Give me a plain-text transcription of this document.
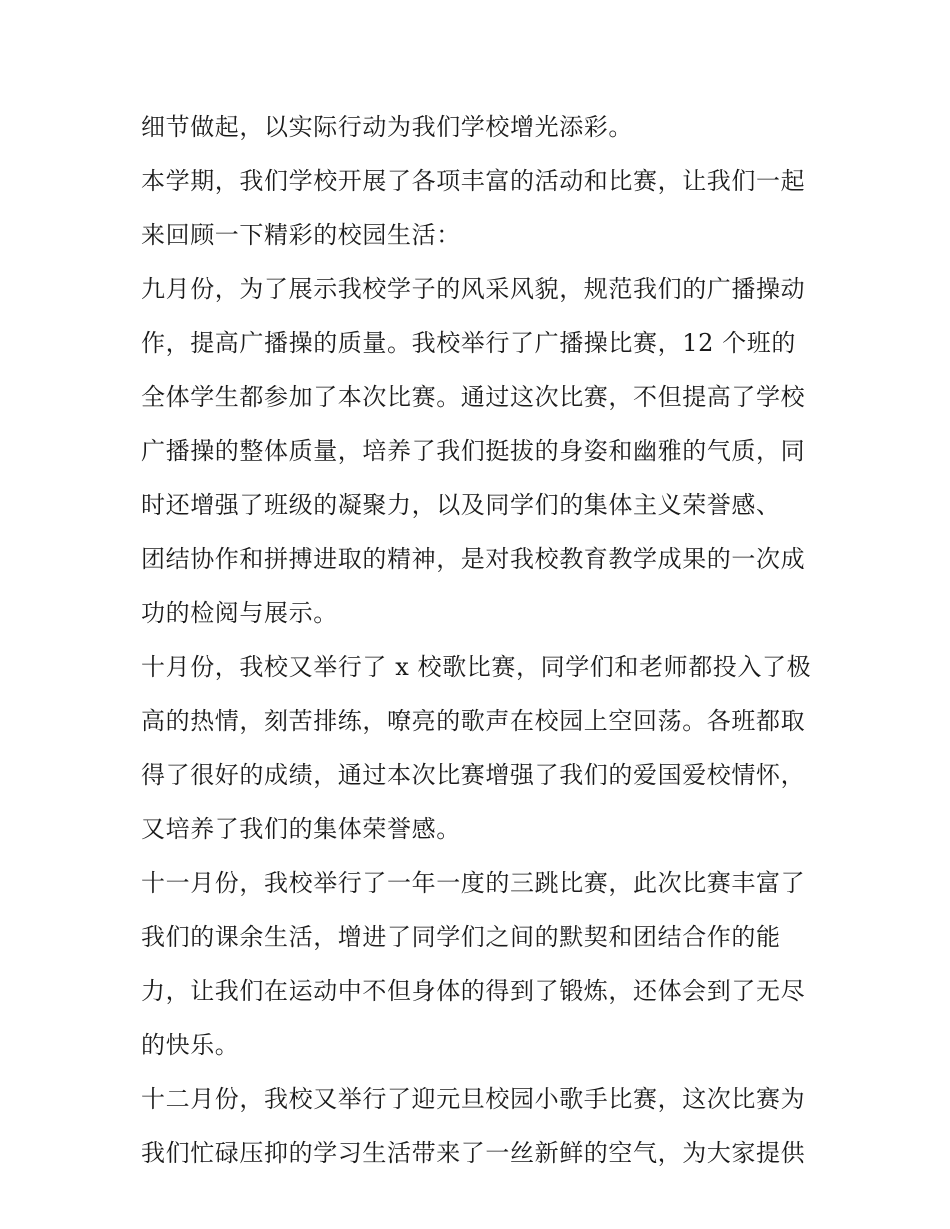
细节做起，以实际行动为我们学校增光添彩。
本学期，我们学校开展了各项丰富的活动和比赛，让我们一起
来回顾一下精彩的校园生活：
九月份，为了展示我校学子的风采风貌，规范我们的广播操动
作，提高广播操的质量。我校举行了广播操比赛，12 个班的
全体学生都参加了本次比赛。通过这次比赛，不但提高了学校
广播操的整体质量，培养了我们挺拔的身姿和幽雅的气质，同
时还增强了班级的凝聚力，以及同学们的集体主义荣誉感、
团结协作和拼搏进取的精神，是对我校教育教学成果的一次成
功的检阅与展示。
十月份，我校又举行了 x 校歌比赛，同学们和老师都投入了极
高的热情，刻苦排练，嘹亮的歌声在校园上空回荡。各班都取
得了很好的成绩，通过本次比赛增强了我们的爱国爱校情怀，
又培养了我们的集体荣誉感。
十一月份，我校举行了一年一度的三跳比赛，此次比赛丰富了
我们的课余生活，增进了同学们之间的默契和团结合作的能
力，让我们在运动中不但身体的得到了锻炼，还体会到了无尽
的快乐。
十二月份，我校又举行了迎元旦校园小歌手比赛，这次比赛为
我们忙碌压抑的学习生活带来了一丝新鲜的空气，为大家提供
